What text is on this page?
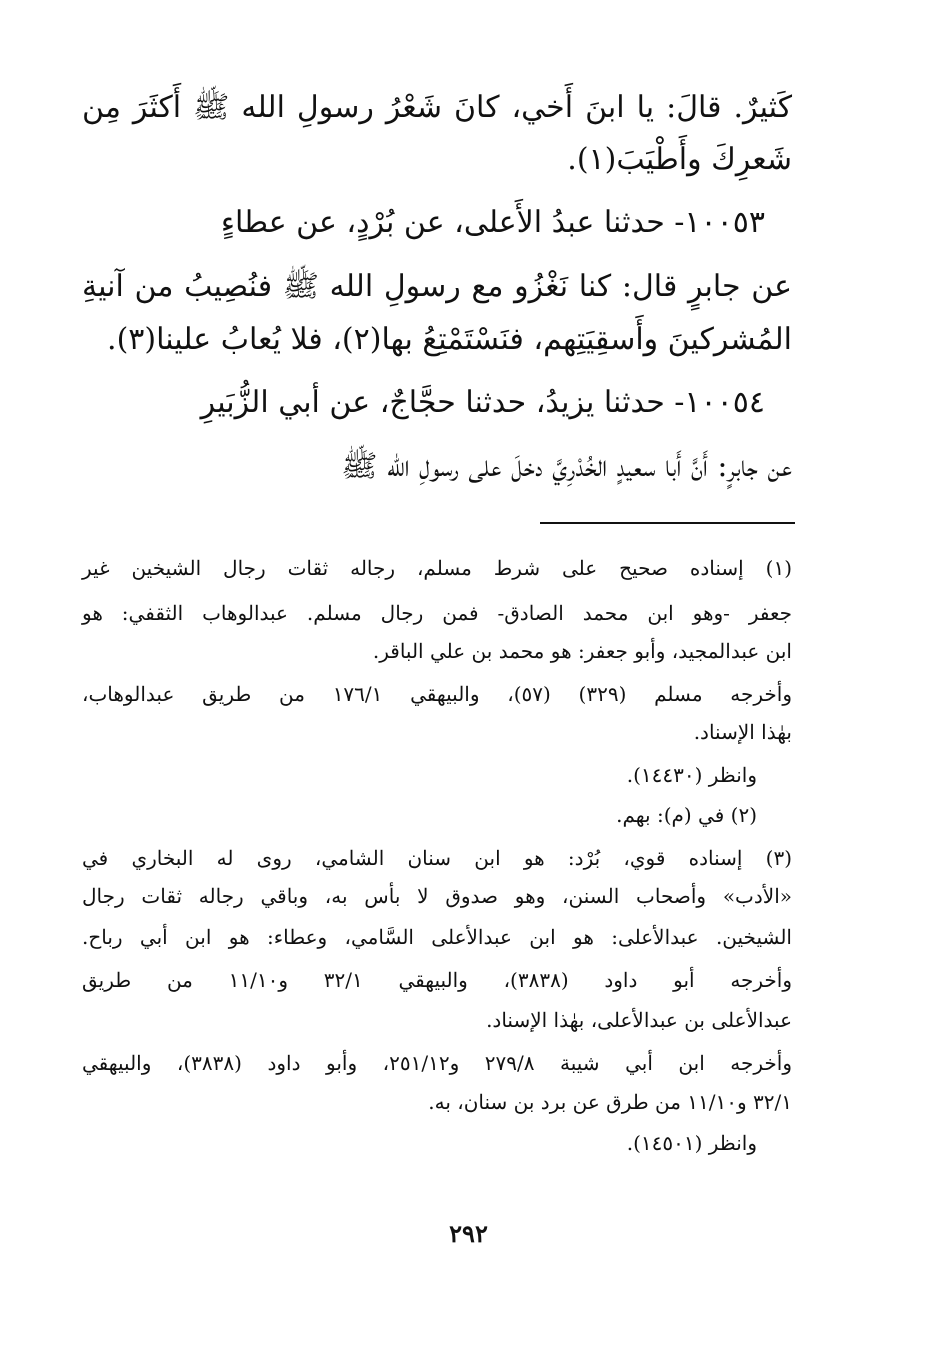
كَثيرٌ. قالَ: يا ابنَ أَخي، كانَ شَعْرُ رسولِ الله ﷺ أَكثَرَ مِن
شَعرِكَ وأَطْيَبَ(١).
١٠٠٥٣- حدثنا عبدُ الأَعلى، عن بُرْدٍ، عن عطاءٍ
عن جابرٍ قال: كنا نَغْزُو مع رسولِ الله ﷺ فنُصِيبُ من آنيةِ
المُشركينَ وأَسقِيَتِهم، فنَسْتَمْتِعُ بها(٢)، فلا يُعابُ علينا(٣).
١٠٠٥٤- حدثنا يزيدُ، حدثنا حجَّاجٌ، عن أبي الزُّبَيرِ
عن جابرٍ: أَنَّ أَبا سعيدٍ الخُدْرِيَّ دخلَ على رسولِ الله ﷺ
(١) إسناده صحيح على شرط مسلم، رجاله ثقات رجال الشيخين غير
جعفر -وهو ابن محمد الصادق- فمن رجال مسلم. عبدالوهاب الثقفي: هو
ابن عبدالمجيد، وأبو جعفر: هو محمد بن علي الباقر.
وأخرجه مسلم (٣٢٩) (٥٧)، والبيهقي ١٧٦/١ من طريق عبدالوهاب،
بهٰذا الإسناد.
وانظر (١٤٤٣٠).
(٢) في (م): بهم.
(٣) إسناده قوي، بُرْد: هو ابن سنان الشامي، روى له البخاري في
«الأدب» وأصحاب السنن، وهو صدوق لا بأس به، وباقي رجاله ثقات رجال
الشيخين. عبدالأعلى: هو ابن عبدالأعلى السَّامي، وعطاء: هو ابن أبي رباح.
وأخرجه أبو داود (٣٨٣٨)، والبيهقي ٣٢/١ و١١/١٠ من طريق
عبدالأعلى بن عبدالأعلى، بهٰذا الإسناد.
وأخرجه ابن أبي شيبة ٢٧٩/٨ و٢٥١/١٢، وأبو داود (٣٨٣٨)، والبيهقي
٣٢/١ و١١/١٠ من طرق عن برد بن سنان، به.
وانظر (١٤٥٠١).
٢٩٢
